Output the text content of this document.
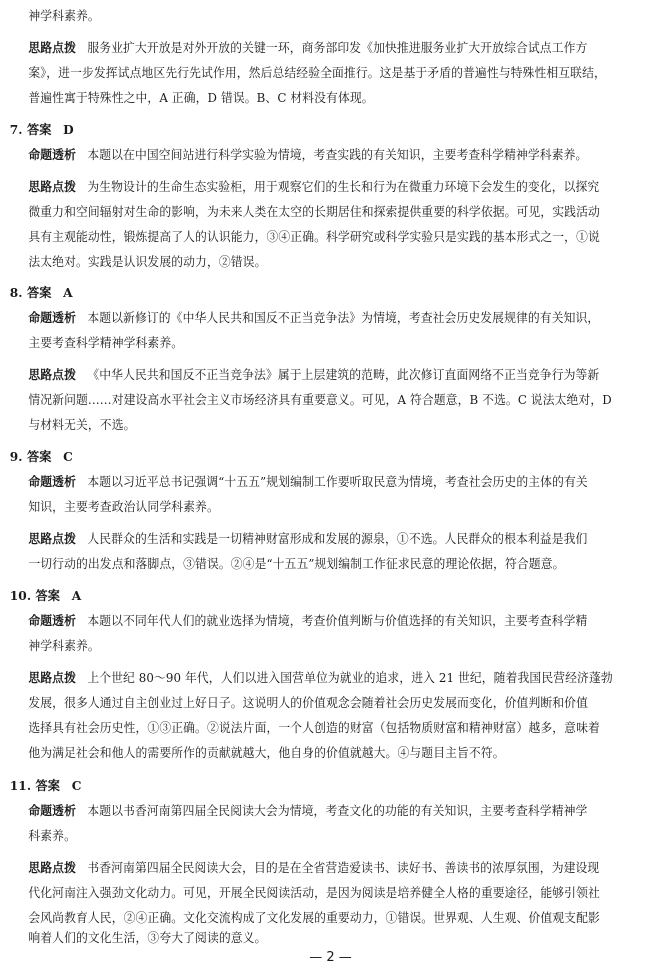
神学科素养。

思路点拨 服务业扩大开放是对外开放的关键一环，商务部印发《加快推进服务业扩大开放综合试点工作方

案》，进一步发挥试点地区先行先试作用，然后总结经验全面推行。这是基于矛盾的普遍性与特殊性相互联结，

普遍性寓于特殊性之中，A 正确，D 错误。B、C 材料没有体现。

7. 答案 D

命题透析 本题以在中国空间站进行科学实验为情境，考查实践的有关知识，主要考查科学精神学科素养。

思路点拨 为生物设计的生命生态实验柜，用于观察它们的生长和行为在微重力环境下会发生的变化，以探究

微重力和空间辐射对生命的影响，为未来人类在太空的长期居住和探索提供重要的科学依据。可见，实践活动

具有主观能动性，锻炼提高了人的认识能力，③④正确。科学研究或科学实验只是实践的基本形式之一，①说

法太绝对。实践是认识发展的动力，②错误。

8. 答案 A

命题透析 本题以新修订的《中华人民共和国反不正当竞争法》为情境，考查社会历史发展规律的有关知识，

主要考查科学精神学科素养。

思路点拨 《中华人民共和国反不正当竞争法》属于上层建筑的范畴，此次修订直面网络不正当竞争行为等新

情况新问题……对建设高水平社会主义市场经济具有重要意义。可见，A 符合题意，B 不选。C 说法太绝对，D

与材料无关，不选。

9. 答案 C

命题透析 本题以习近平总书记强调“十五五”规划编制工作要听取民意为情境，考查社会历史的主体的有关

知识，主要考查政治认同学科素养。

思路点拨 人民群众的生活和实践是一切精神财富形成和发展的源泉，①不选。人民群众的根本利益是我们

一切行动的出发点和落脚点，③错误。②④是“十五五”规划编制工作征求民意的理论依据，符合题意。

10. 答案 A

命题透析 本题以不同年代人们的就业选择为情境，考查价值判断与价值选择的有关知识，主要考查科学精

神学科素养。

思路点拨 上个世纪 80～90 年代，人们以进入国营单位为就业的追求，进入 21 世纪，随着我国民营经济蓬勃

发展，很多人通过自主创业过上好日子。这说明人的价值观念会随着社会历史发展而变化，价值判断和价值

选择具有社会历史性，①③正确。②说法片面，一个人创造的财富（包括物质财富和精神财富）越多，意味着

他为满足社会和他人的需要所作的贡献就越大，他自身的价值就越大。④与题目主旨不符。

11. 答案 C

命题透析 本题以书香河南第四届全民阅读大会为情境，考查文化的功能的有关知识，主要考查科学精神学

科素养。

思路点拨 书香河南第四届全民阅读大会，目的是在全省营造爱读书、读好书、善读书的浓厚氛围，为建设现

代化河南注入强劲文化动力。可见，开展全民阅读活动，是因为阅读是培养健全人格的重要途径，能够引领社

会风尚教育人民，②④正确。文化交流构成了文化发展的重要动力，①错误。世界观、人生观、价值观支配影

响着人们的文化生活，③夸大了阅读的意义。

— 2 —
